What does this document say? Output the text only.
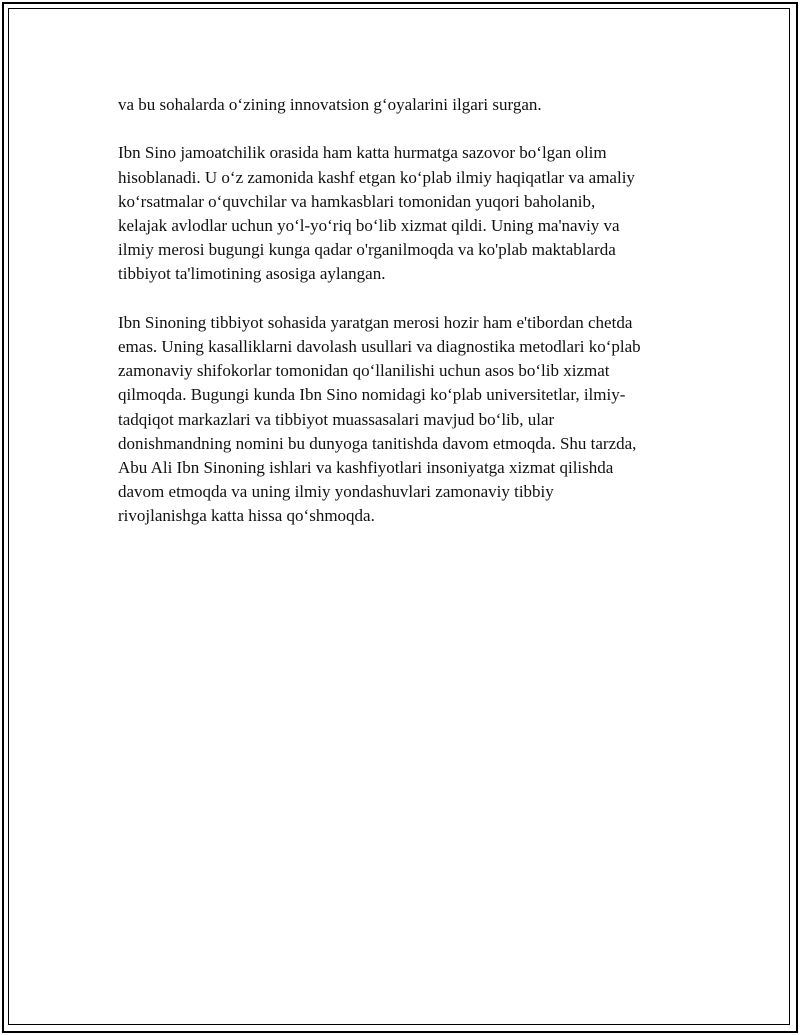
va bu sohalarda o‘zining innovatsion g‘oyalarini ilgari surgan.

Ibn Sino jamoatchilik orasida ham katta hurmatga sazovor bo‘lgan olim
hisoblanadi. U o‘z zamonida kashf etgan ko‘plab ilmiy haqiqatlar va amaliy
ko‘rsatmalar o‘quvchilar va hamkasblari tomonidan yuqori baholanib,
kelajak avlodlar uchun yo‘l-yo‘riq bo‘lib xizmat qildi. Uning ma'naviy va
ilmiy merosi bugungi kunga qadar o'rganilmoqda va ko'plab maktablarda
tibbiyot ta'limotining asosiga aylangan.

Ibn Sinoning tibbiyot sohasida yaratgan merosi hozir ham e'tibordan chetda
emas. Uning kasalliklarni davolash usullari va diagnostika metodlari ko‘plab
zamonaviy shifokorlar tomonidan qo‘llanilishi uchun asos bo‘lib xizmat
qilmoqda. Bugungi kunda Ibn Sino nomidagi ko‘plab universitetlar, ilmiy-
tadqiqot markazlari va tibbiyot muassasalari mavjud bo‘lib, ular
donishmandning nomini bu dunyoga tanitishda davom etmoqda. Shu tarzda,
Abu Ali Ibn Sinoning ishlari va kashfiyotlari insoniyatga xizmat qilishda
davom etmoqda va uning ilmiy yondashuvlari zamonaviy tibbiy
rivojlanishga katta hissa qo‘shmoqda.
